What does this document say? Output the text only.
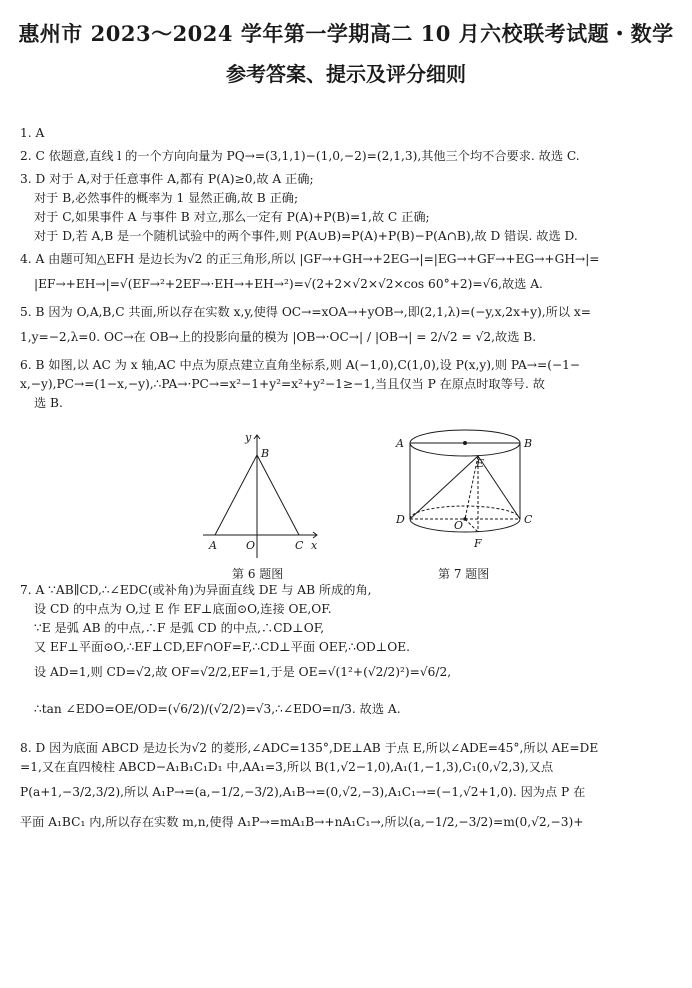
惠州市 2023～2024 学年第一学期高二 10 月六校联考试题・数学
参考答案、提示及评分细则
1. A
2. C 依题意,直线 l 的一个方向向量为 PQ→=(3,1,1)−(1,0,−2)=(2,1,3),其他三个均不合要求. 故选 C.
3. D 对于 A,对于任意事件 A,都有 P(A)≥0,故 A 正确;
对于 B,必然事件的概率为 1 显然正确,故 B 正确;
对于 C,如果事件 A 与事件 B 对立,那么一定有 P(A)+P(B)=1,故 C 正确;
对于 D,若 A,B 是一个随机试验中的两个事件,则 P(A∪B)=P(A)+P(B)−P(A∩B),故 D 错误. 故选 D.
4. A 由题可知△EFH 是边长为√2 的正三角形,所以 |GF→+GH→+2EG→|=|EG→+GF→+EG→+GH→|=
|EF→+EH→|=√(EF→²+2EF→·EH→+EH→²)=√(2+2×√2×√2×cos 60°+2)=√6,故选 A.
5. B 因为 O,A,B,C 共面,所以存在实数 x,y,使得 OC→=xOA→+yOB→,即(2,1,λ)=(−y,x,2x+y),所以 x=
1,y=−2,λ=0. OC→在 OB→上的投影向量的模为 |OB→·OC→| / |OB→| = 2/√2 = √2,故选 B.
6. B 如图,以 AC 为 x 轴,AC 中点为原点建立直角坐标系,则 A(−1,0),C(1,0),设 P(x,y),则 PA→=(−1−
x,−y),PC→=(1−x,−y),∴PA→·PC→=x²−1+y²=x²+y²−1≥−1,当且仅当 P 在原点时取等号. 故
选 B.
y
B
A	O	C x
A	B
E
D	O	C
F
第 6 题图	第 7 题图
7. A ∵AB∥CD,∴∠EDC(或补角)为异面直线 DE 与 AB 所成的角,
设 CD 的中点为 O,过 E 作 EF⊥底面⊙O,连接 OE,OF.
∵E 是弧 AB 的中点,∴F 是弧 CD 的中点,∴CD⊥OF,
又 EF⊥平面⊙O,∴EF⊥CD,EF∩OF=F,∴CD⊥平面 OEF,∴OD⊥OE.
设 AD=1,则 CD=√2,故 OF=√2/2,EF=1,于是 OE=√(1²+(√2/2)²)=√6/2,
∴tan ∠EDO=OE/OD=(√6/2)/(√2/2)=√3,∴∠EDO=π/3. 故选 A.
8. D 因为底面 ABCD 是边长为√2 的菱形,∠ADC=135°,DE⊥AB 于点 E,所以∠ADE=45°,所以 AE=DE
=1,又在直四棱柱 ABCD−A₁B₁C₁D₁ 中,AA₁=3,所以 B(1,√2−1,0),A₁(1,−1,3),C₁(0,√2,3),又点
P(a+1,−3/2,3/2),所以 A₁P→=(a,−1/2,−3/2),A₁B→=(0,√2,−3),A₁C₁→=(−1,√2+1,0). 因为点 P 在
平面 A₁BC₁ 内,所以存在实数 m,n,使得 A₁P→=mA₁B→+nA₁C₁→,所以(a,−1/2,−3/2)=m(0,√2,−3)+
